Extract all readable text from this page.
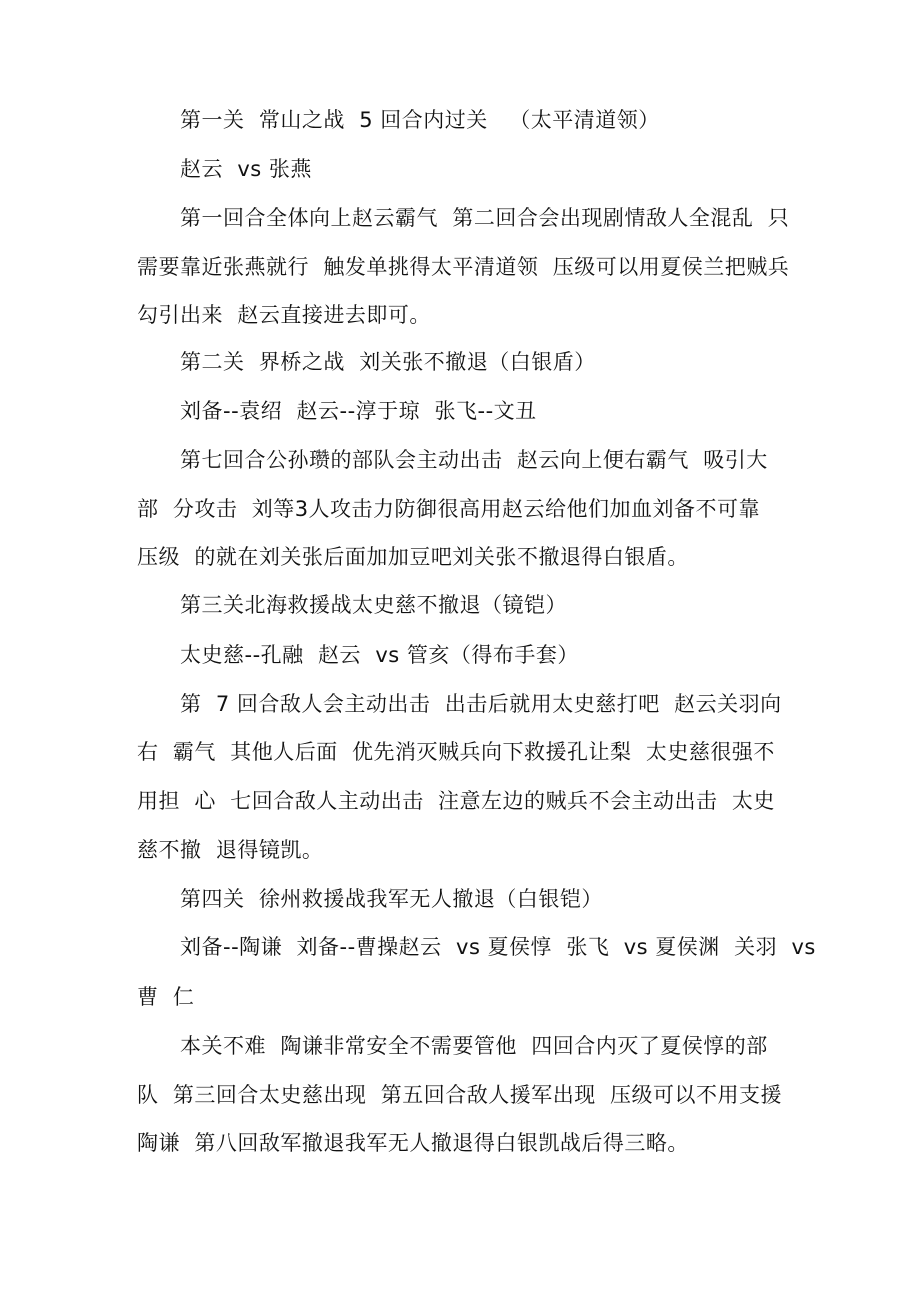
第一关  常山之战  5 回合内过关   （太平清道领）
赵云  vs 张燕
第一回合全体向上赵云霸气  第二回合会出现剧情敌人全混乱  只
需要靠近张燕就行  触发单挑得太平清道领  压级可以用夏侯兰把贼兵
勾引出来  赵云直接进去即可。
第二关  界桥之战  刘关张不撤退（白银盾）
刘备--袁绍  赵云--淳于琼  张飞--文丑
第七回合公孙瓒的部队会主动出击  赵云向上便右霸气  吸引大
部  分攻击  刘等3人攻击力防御很高用赵云给他们加血刘备不可靠
压级  的就在刘关张后面加加豆吧刘关张不撤退得白银盾。
第三关北海救援战太史慈不撤退（镜铠）
太史慈--孔融  赵云  vs 管亥（得布手套）
第  7 回合敌人会主动出击  出击后就用太史慈打吧  赵云关羽向
右  霸气  其他人后面  优先消灭贼兵向下救援孔让梨  太史慈很强不
用担  心  七回合敌人主动出击  注意左边的贼兵不会主动出击  太史
慈不撤  退得镜凯。
第四关  徐州救援战我军无人撤退（白银铠）
刘备--陶谦  刘备--曹操赵云  vs 夏侯惇  张飞  vs 夏侯渊  关羽  vs
曹  仁
本关不难  陶谦非常安全不需要管他  四回合内灭了夏侯惇的部
队  第三回合太史慈出现  第五回合敌人援军出现  压级可以不用支援
陶谦  第八回敌军撤退我军无人撤退得白银凯战后得三略。
